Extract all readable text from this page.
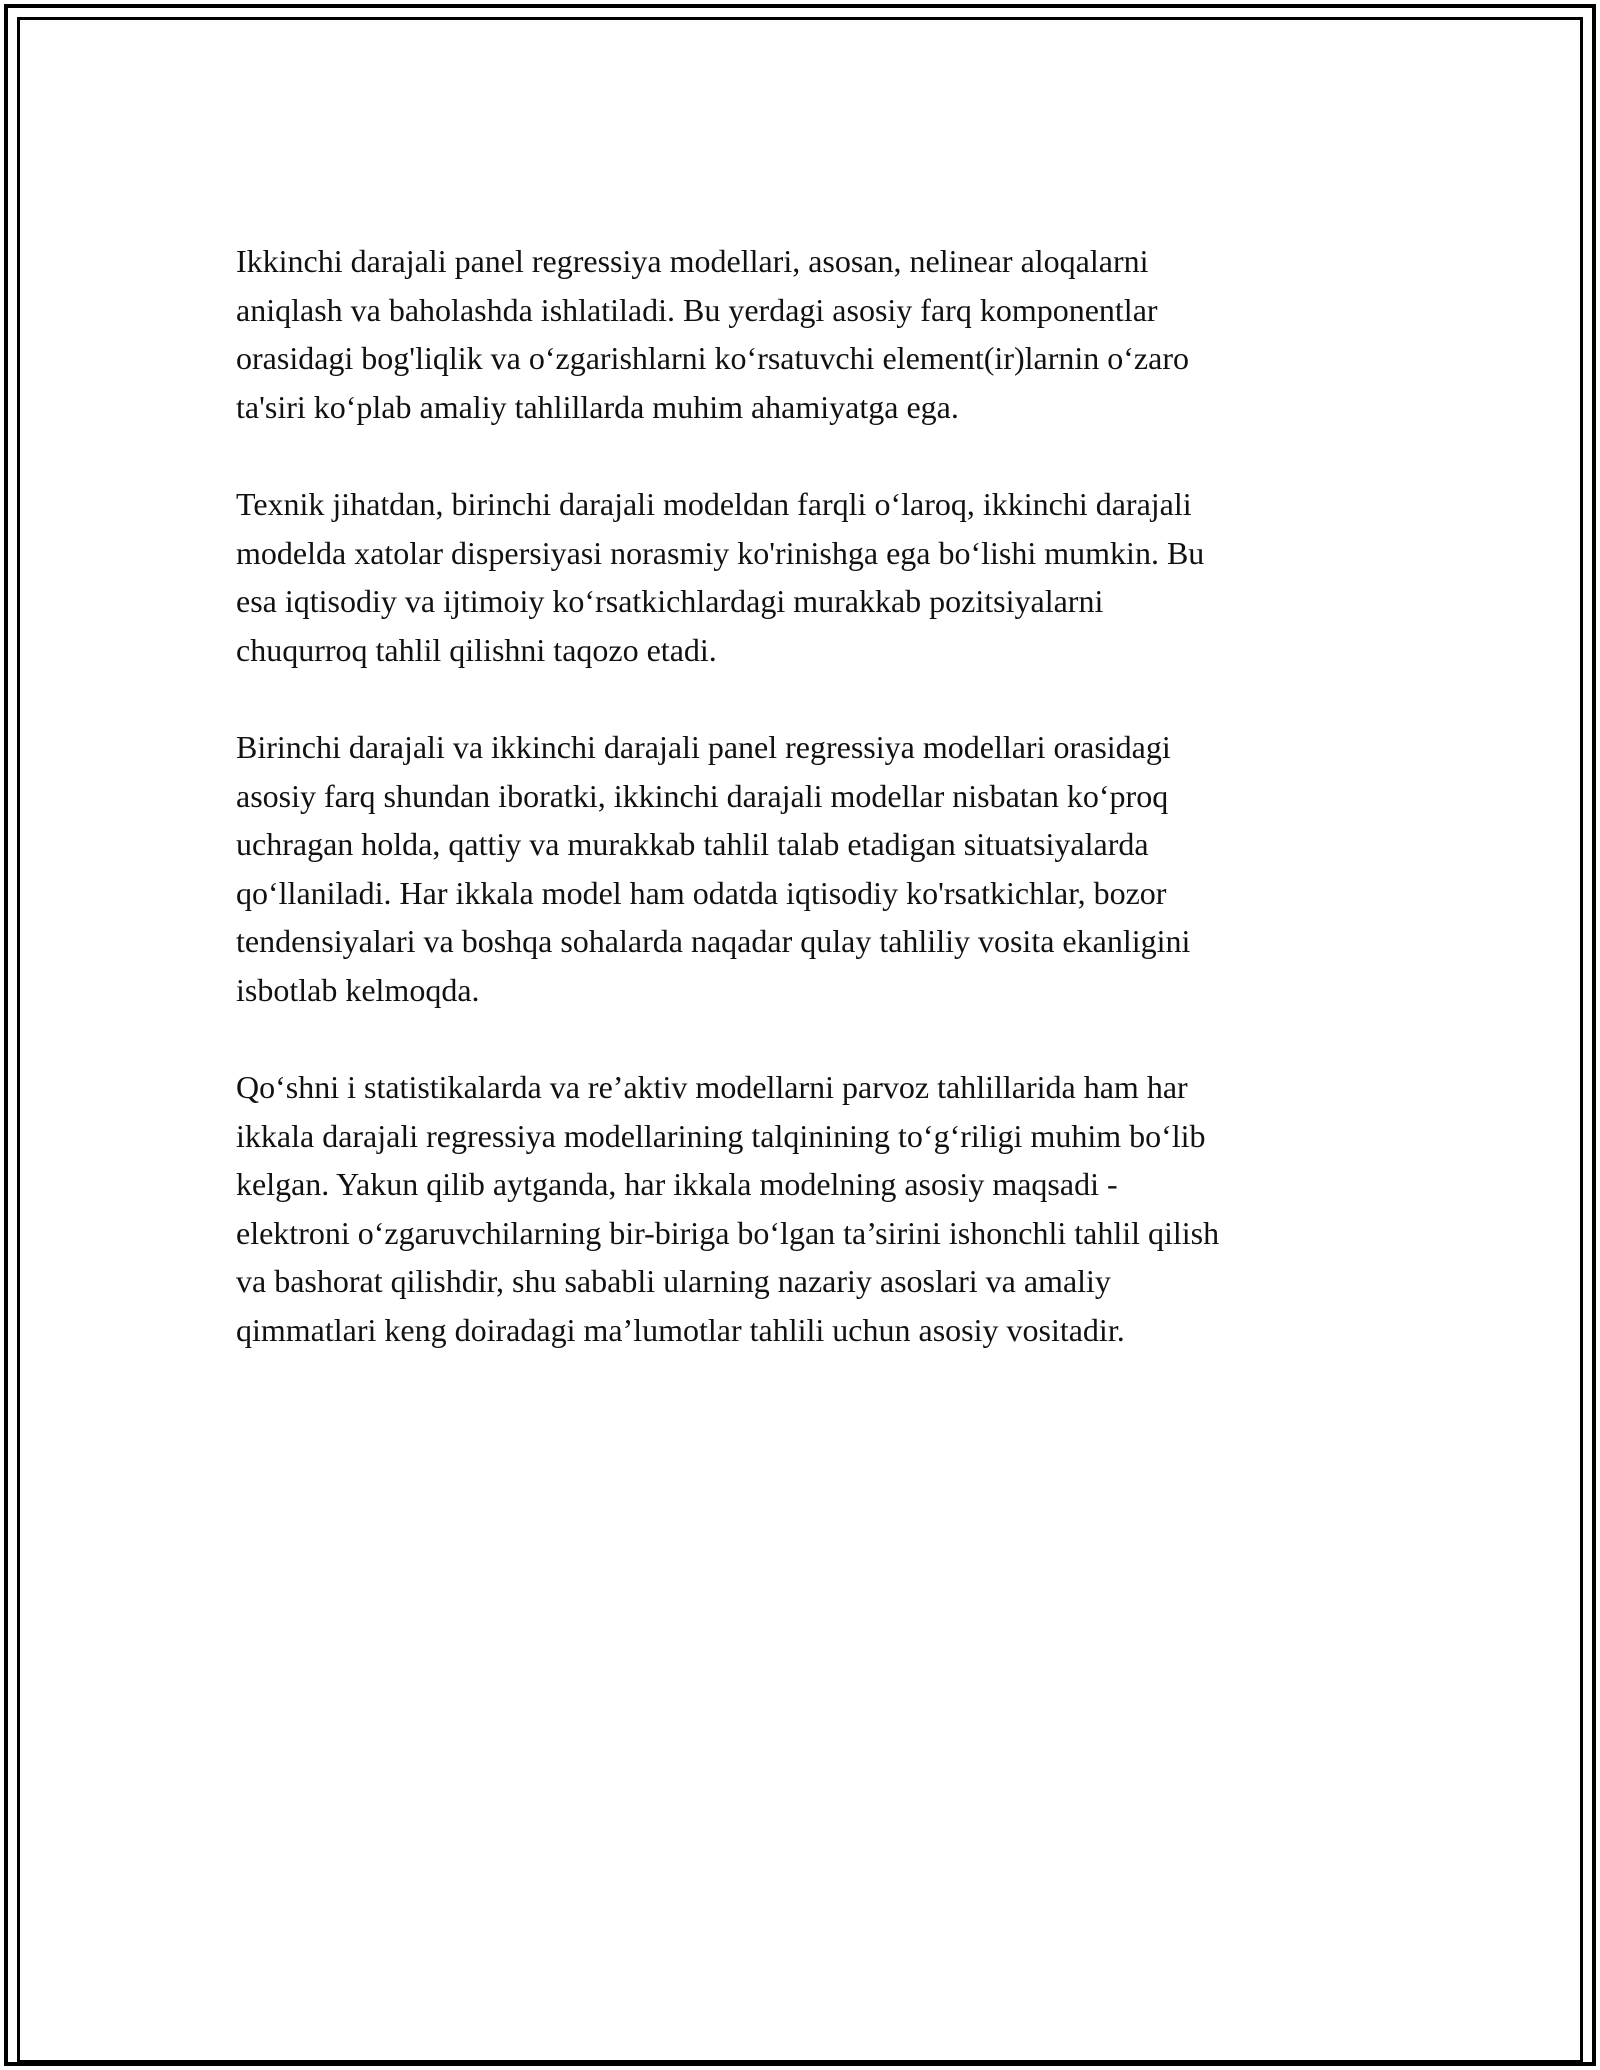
Ikkinchi darajali panel regressiya modellari, asosan, nelinear aloqalarni
aniqlash va baholashda ishlatiladi. Bu yerdagi asosiy farq komponentlar
orasidagi bog'liqlik va o‘zgarishlarni ko‘rsatuvchi element(ir)larnin o‘zaro
ta'siri ko‘plab amaliy tahlillarda muhim ahamiyatga ega.

Texnik jihatdan, birinchi darajali modeldan farqli o‘laroq, ikkinchi darajali
modelda xatolar dispersiyasi norasmiy ko'rinishga ega bo‘lishi mumkin. Bu
esa iqtisodiy va ijtimoiy ko‘rsatkichlardagi murakkab pozitsiyalarni
chuqurroq tahlil qilishni taqozo etadi.

Birinchi darajali va ikkinchi darajali panel regressiya modellari orasidagi
asosiy farq shundan iboratki, ikkinchi darajali modellar nisbatan ko‘proq
uchragan holda, qattiy va murakkab tahlil talab etadigan situatsiyalarda
qo‘llaniladi. Har ikkala model ham odatda iqtisodiy ko'rsatkichlar, bozor
tendensiyalari va boshqa sohalarda naqadar qulay tahliliy vosita ekanligini
isbotlab kelmoqda.

Qo‘shni i statistikalarda va re’aktiv modellarni parvoz tahlillarida ham har
ikkala darajali regressiya modellarining talqinining to‘g‘riligi muhim bo‘lib
kelgan. Yakun qilib aytganda, har ikkala modelning asosiy maqsadi -
elektroni o‘zgaruvchilarning bir-biriga bo‘lgan ta’sirini ishonchli tahlil qilish
va bashorat qilishdir, shu sababli ularning nazariy asoslari va amaliy
qimmatlari keng doiradagi ma’lumotlar tahlili uchun asosiy vositadir.
